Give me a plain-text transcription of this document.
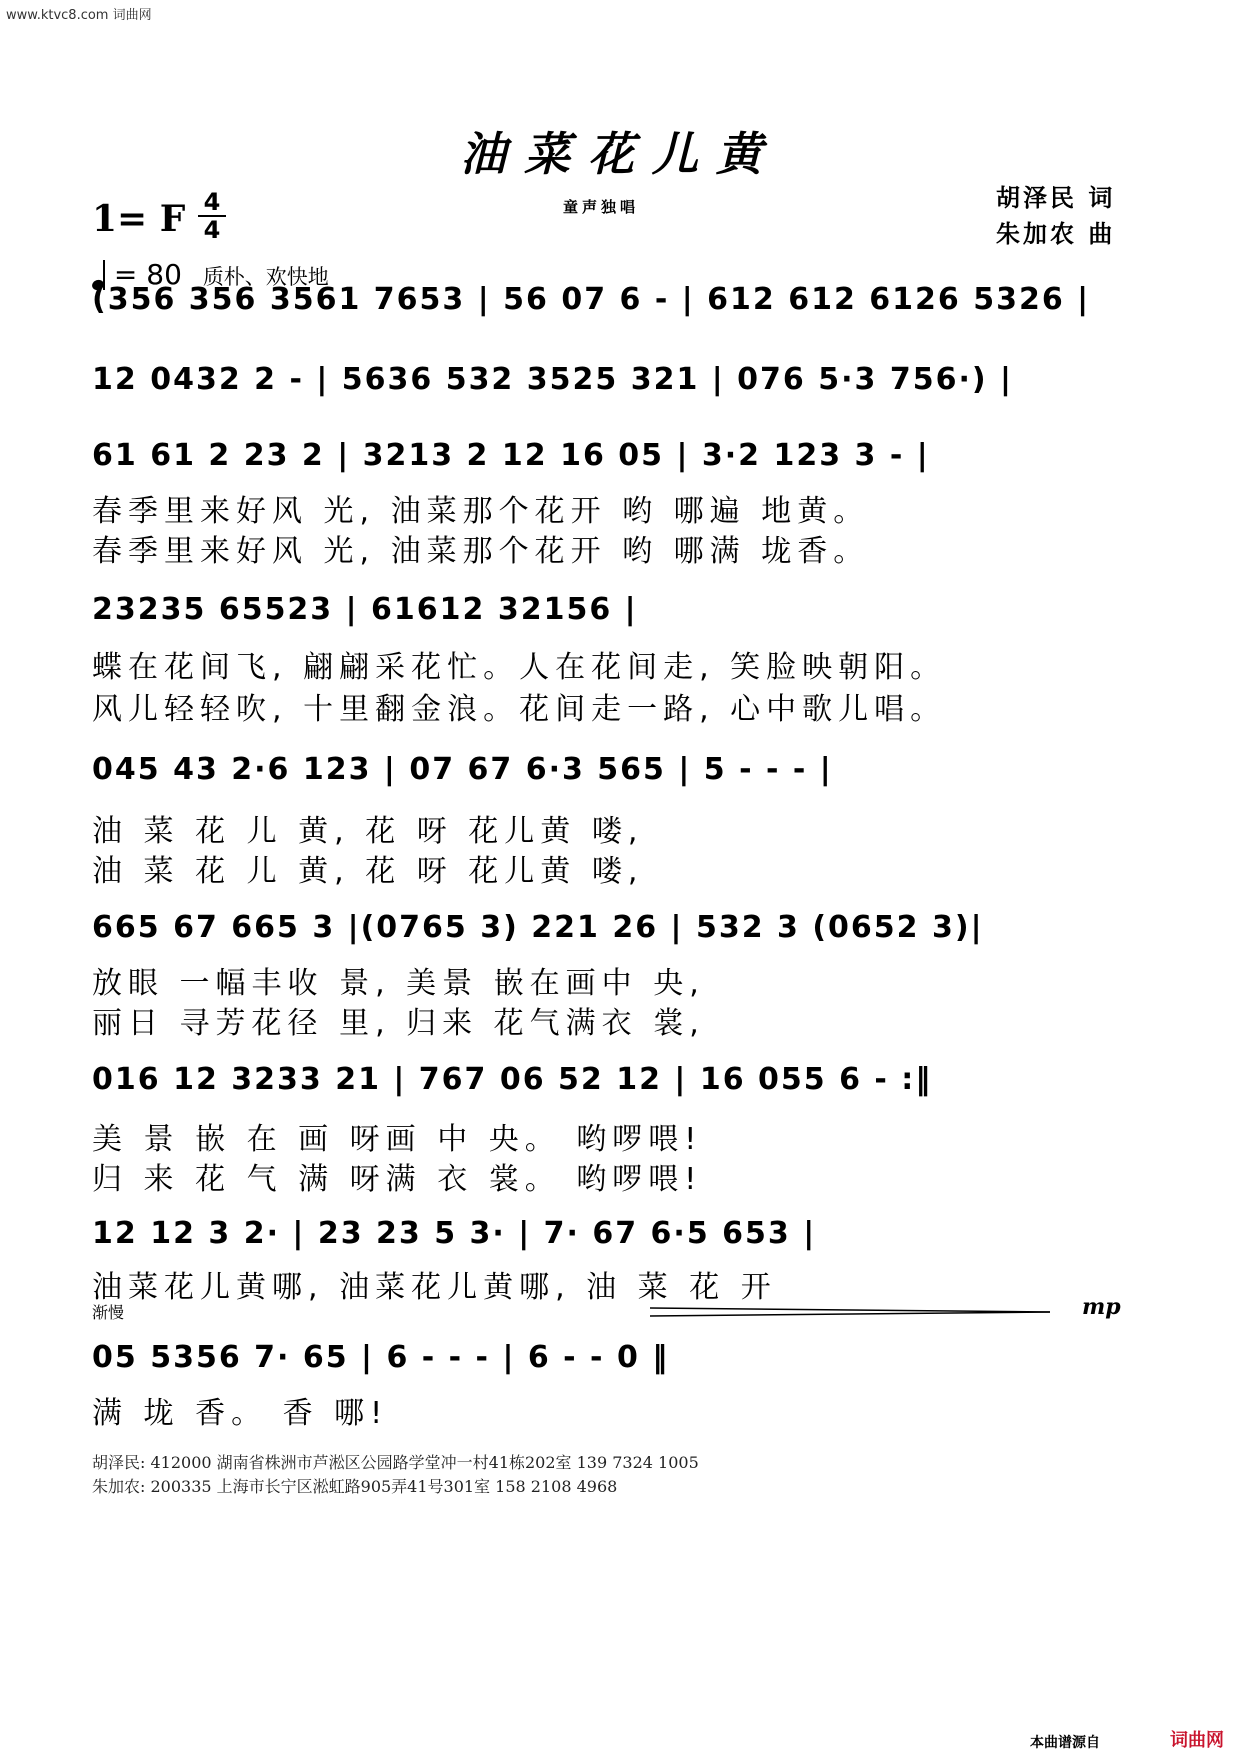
www.ktvc8.com 词曲网
油菜花儿黄
1= F 4
4
童声独唱	胡泽民 词
朱加农 曲
= 80 质朴、欢快地
(356 356 3561 7653 | 56 07 6 - | 612 612 6126 5326 |
12 0432 2 - | 5636 532 3525 321 | 076 5·3 756·) |
61 61 2 23 2 | 3213 2 12 16 05 | 3·2 123 3 - |
春季里来好风 光, 油菜那个花开 哟 哪遍 地黄。
春季里来好风 光, 油菜那个花开 哟 哪满 垅香。
23235 65523 | 61612 32156 |
蝶在花间飞, 翩翩采花忙。人在花间走, 笑脸映朝阳。
风儿轻轻吹, 十里翻金浪。花间走一路, 心中歌儿唱。
045 43 2·6 123 | 07 67 6·3 565 | 5 - - - |
油 菜 花 儿 黄, 花 呀 花儿黄 喽,
油 菜 花 儿 黄, 花 呀 花儿黄 喽,
665 67 665 3 |(0765 3) 221 26 | 532 3 (0652 3)|
放眼 一幅丰收 景, 美景 嵌在画中 央,
丽日 寻芳花径 里, 归来 花气满衣 裳,
016 12 3233 21 | 767 06 52 12 | 16 055 6 - :‖
美 景 嵌 在 画 呀画 中 央。 哟啰喂!
归 来 花 气 满 呀满 衣 裳。 哟啰喂!
12 12 3 2· | 23 23 5 3· | 7· 67 6·5 653 |
油菜花儿黄哪, 油菜花儿黄哪, 油 菜 花 开
渐慢	mp
05 5356 7· 65 | 6 - - - | 6 - - 0 ‖
满 垅 香。 香 哪!
胡泽民: 412000 湖南省株洲市芦淞区公园路学堂冲一村41栋202室 139 7324 1005
朱加农: 200335 上海市长宁区淞虹路905弄41号301室 158 2108 4968
本曲谱源自	词曲网
